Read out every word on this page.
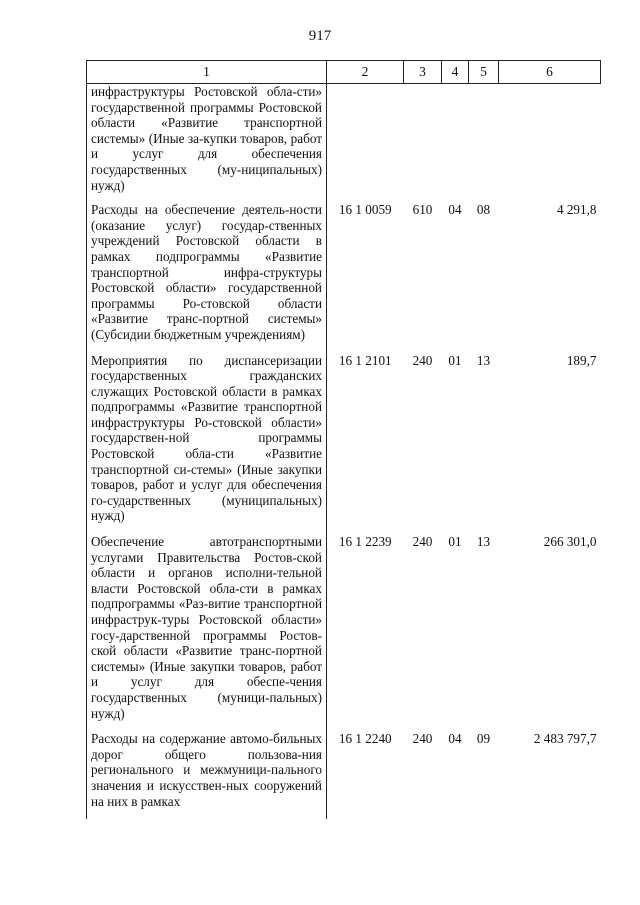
917
1	2	3	4	5	6
инфраструктуры Ростовской обла-сти» государственной программы Ростовской области «Развитие транспортной системы» (Иные за-купки товаров, работ и услуг для обеспечения государственных (му-ниципальных) нужд)					
Расходы на обеспечение деятель-ности (оказание услуг) государ-ственных учреждений Ростовской области в рамках подпрограммы «Развитие транспортной инфра-структуры Ростовской области» государственной программы Ро-стовской области «Развитие транс-портной системы» (Субсидии бюджетным учреждениям)	16 1 0059	610	04	08	4 291,8
Мероприятия по диспансеризации государственных гражданских служащих Ростовской области в рамках подпрограммы «Развитие транспортной инфраструктуры Ро-стовской области» государствен-ной программы Ростовской обла-сти «Развитие транспортной си-стемы» (Иные закупки товаров, работ и услуг для обеспечения го-сударственных (муниципальных) нужд)	16 1 2101	240	01	13	189,7
Обеспечение автотранспортными услугами Правительства Ростов-ской области и органов исполни-тельной власти Ростовской обла-сти в рамках подпрограммы «Раз-витие транспортной инфраструк-туры Ростовской области» госу-дарственной программы Ростов-ской области «Развитие транс-портной системы» (Иные закупки товаров, работ и услуг для обеспе-чения государственных (муници-пальных) нужд)	16 1 2239	240	01	13	266 301,0
Расходы на содержание автомо-бильных дорог общего пользова-ния регионального и межмуници-пального значения и искусствен-ных сооружений на них в рамках	16 1 2240	240	04	09	2 483 797,7
